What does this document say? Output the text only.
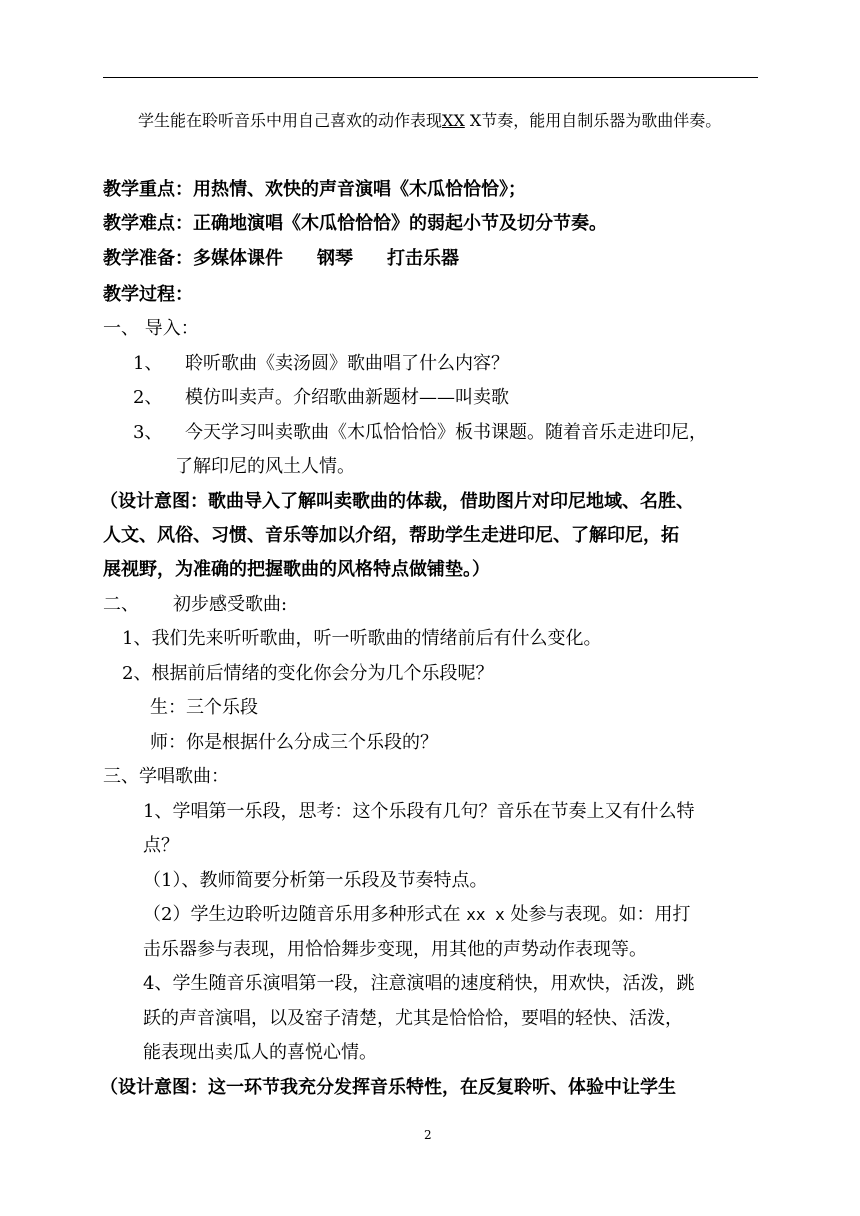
学生能在聆听音乐中用自己喜欢的动作表现XX X节奏，能用自制乐器为歌曲伴奏。
教学重点：用热情、欢快的声音演唱《木瓜恰恰恰》；
教学难点：正确地演唱《木瓜恰恰恰》的弱起小节及切分节奏。
教学准备：多媒体课件 钢琴 打击乐器
教学过程：
一、 导入：
1、 聆听歌曲《卖汤圆》歌曲唱了什么内容？
2、 模仿叫卖声。介绍歌曲新题材——叫卖歌
3、 今天学习叫卖歌曲《木瓜恰恰恰》板书课题。随着音乐走进印尼，
了解印尼的风土人情。
（设计意图：歌曲导入了解叫卖歌曲的体裁，借助图片对印尼地域、名胜、
人文、风俗、习惯、音乐等加以介绍，帮助学生走进印尼、了解印尼，拓
展视野，为准确的把握歌曲的风格特点做铺垫。）
二、 初步感受歌曲:
1、我们先来听听歌曲，听一听歌曲的情绪前后有什么变化。
2、根据前后情绪的变化你会分为几个乐段呢？
生：三个乐段
师：你是根据什么分成三个乐段的？
三、学唱歌曲：
1、学唱第一乐段，思考：这个乐段有几句？音乐在节奏上又有什么特
点？
（1）、教师简要分析第一乐段及节奏特点。
（2）学生边聆听边随音乐用多种形式在 xx x 处参与表现。如：用打
击乐器参与表现，用恰恰舞步变现，用其他的声势动作表现等。
4、学生随音乐演唱第一段，注意演唱的速度稍快，用欢快，活泼，跳
跃的声音演唱，以及窑子清楚，尤其是恰恰恰，要唱的轻快、活泼，
能表现出卖瓜人的喜悦心情。
（设计意图：这一环节我充分发挥音乐特性，在反复聆听、体验中让学生
2
